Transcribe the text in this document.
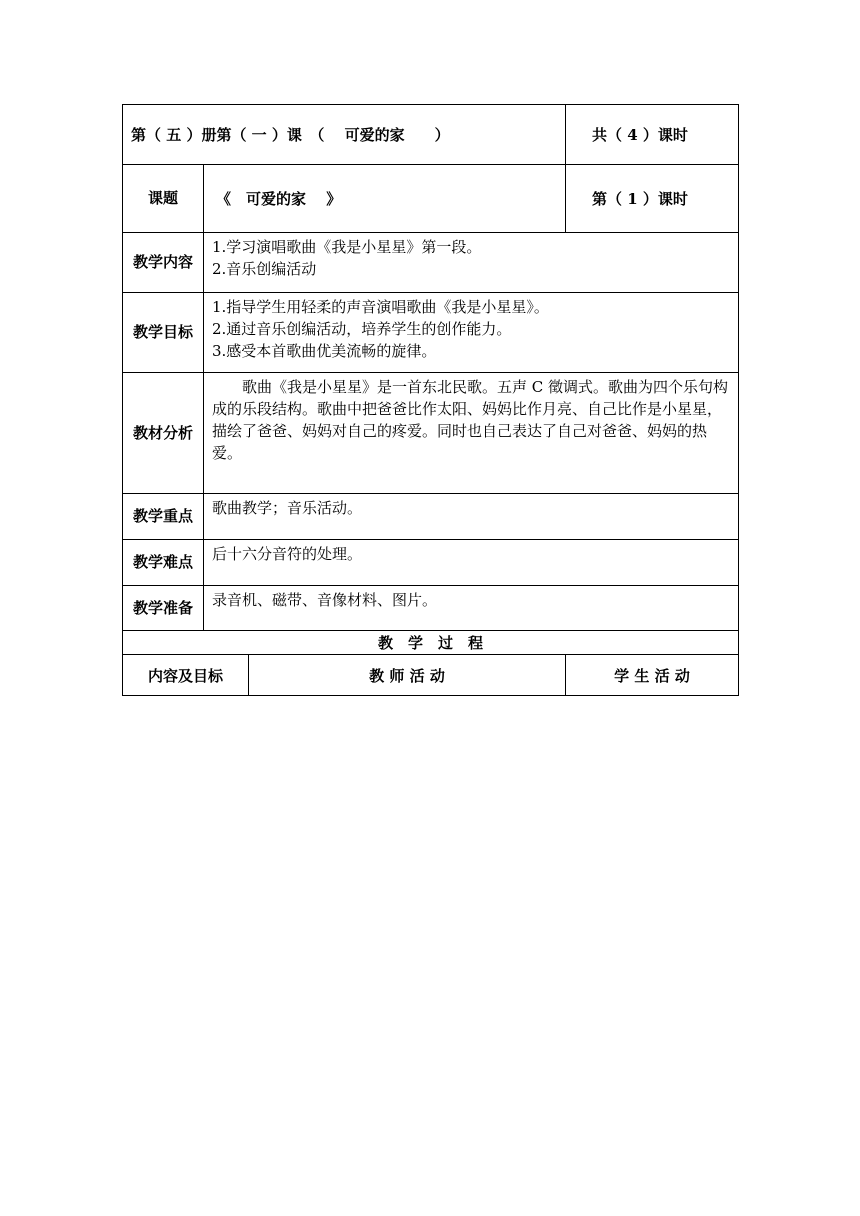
第（ 五 ）册第（ 一 ）课　（　 可爱的家　　）			共（ 4 ）课时
课题	《　可爱的家　 》		第（ 1 ）课时
教学内容	1.学习演唱歌曲《我是小星星》第一段。
2.音乐创编活动		

教学目标	1.指导学生用轻柔的声音演唱歌曲《我是小星星》。
2.通过音乐创编活动，培养学生的创作能力。
3.感受本首歌曲优美流畅的旋律。		

教材分析	歌曲《我是小星星》是一首东北民歌。五声 C 徵调式。歌曲为四个乐句构成的乐段结构。歌曲中把爸爸比作太阳、妈妈比作月亮、自己比作是小星星，描绘了爸爸、妈妈对自己的疼爱。同时也自己表达了自己对爸爸、妈妈的热爱。		
教学重点	歌曲教学；音乐活动。		
教学难点	后十六分音符的处理。		
教学准备	录音机、磁带、音像材料、图片。		
教　学　过　程			
内容及目标		教 师 活 动	学 生 活 动
